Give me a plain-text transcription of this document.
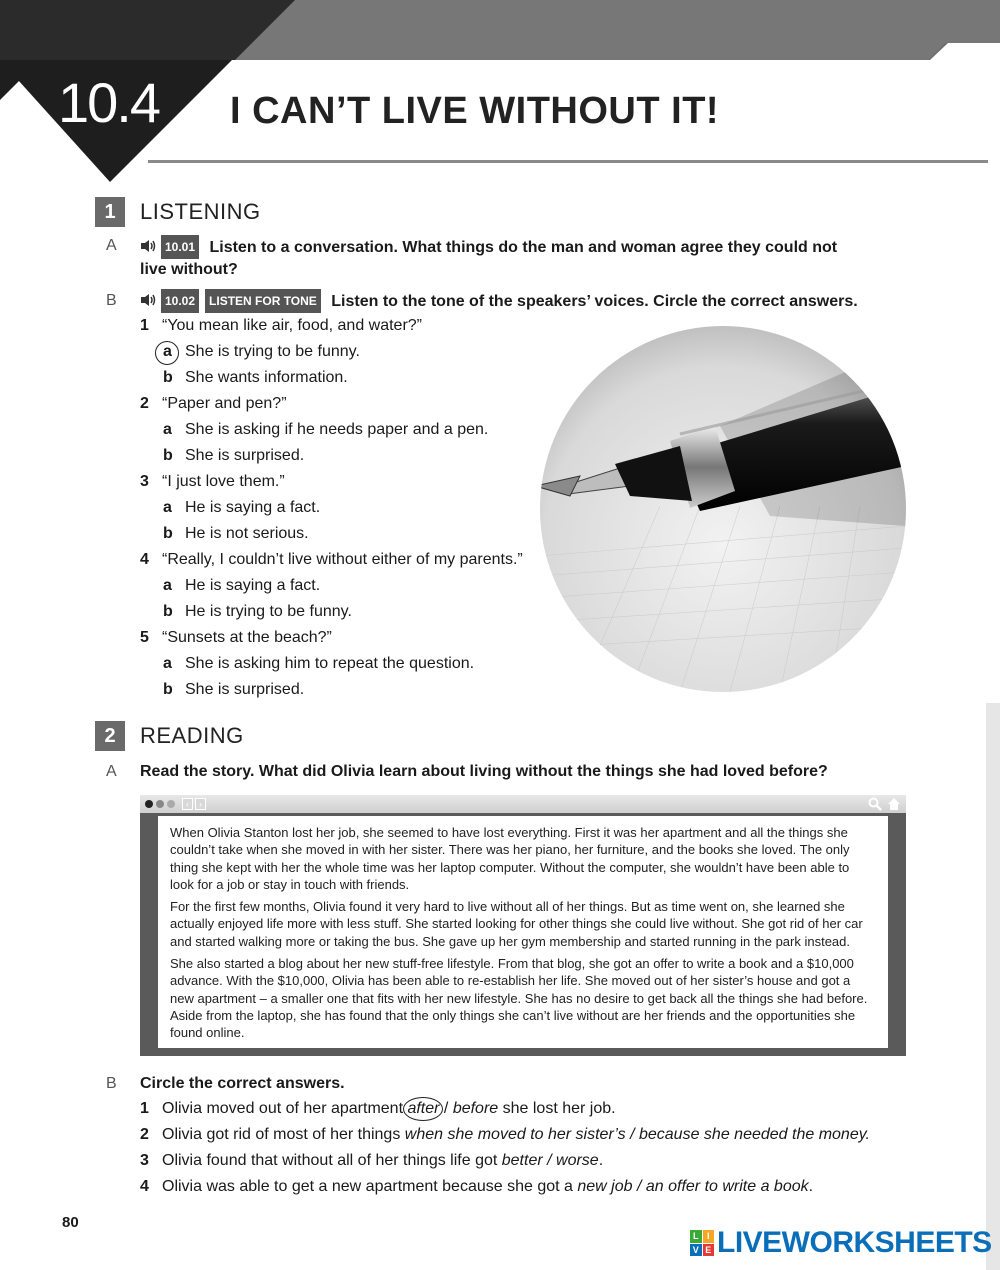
10.4 I CAN’T LIVE WITHOUT IT!
1	LISTENING
A	10.01 Listen to a conversation. What things do the man and woman agree they could not
live without?
B	10.02 LISTEN FOR TONE Listen to the tone of the speakers’ voices. Circle the correct answers.
1 “You mean like air, food, and water?”
a She is trying to be funny.
b She wants information.
2 “Paper and pen?”
a She is asking if he needs paper and a pen.
b She is surprised.
3 “I just love them.”
a He is saying a fact.
b He is not serious.
4 “Really, I couldn’t live without either of my parents.”
a He is saying a fact.
b He is trying to be funny.
5 “Sunsets at the beach?”
a She is asking him to repeat the question.
b She is surprised.
2	READING
A Read the story. What did Olivia learn about living without the things she had loved before?
‹	›

When Olivia Stanton lost her job, she seemed to have lost everything. First it was her apartment and all the things she couldn’t take when she moved in with her sister. There was her piano, her furniture, and the books she loved. The only thing she kept with her the whole time was her laptop computer. Without the computer, she wouldn’t have been able to look for a job or stay in touch with friends.

For the first few months, Olivia found it very hard to live without all of her things. But as time went on, she learned she actually enjoyed life more with less stuff. She started looking for other things she could live without. She got rid of her car and started walking more or taking the bus. She gave up her gym membership and started running in the park instead.

She also started a blog about her new stuff-free lifestyle. From that blog, she got an offer to write a book and a $10,000 advance. With the $10,000, Olivia has been able to re-establish her life. She moved out of her sister’s house and got a new apartment – a smaller one that fits with her new lifestyle. She has no desire to get back all the things she had before. Aside from the laptop, she has found that the only things she can’t live without are her friends and the opportunities she found online.

B Circle the correct answers.
1 Olivia moved out of her apartment after / before she lost her job.
2 Olivia got rid of most of her things when she moved to her sister’s / because she needed the money.
3 Olivia found that without all of her things life got better / worse.
4 Olivia was able to get a new apartment because she got a new job / an offer to write a book.
80
L I
V E LIVEWORKSHEETS
